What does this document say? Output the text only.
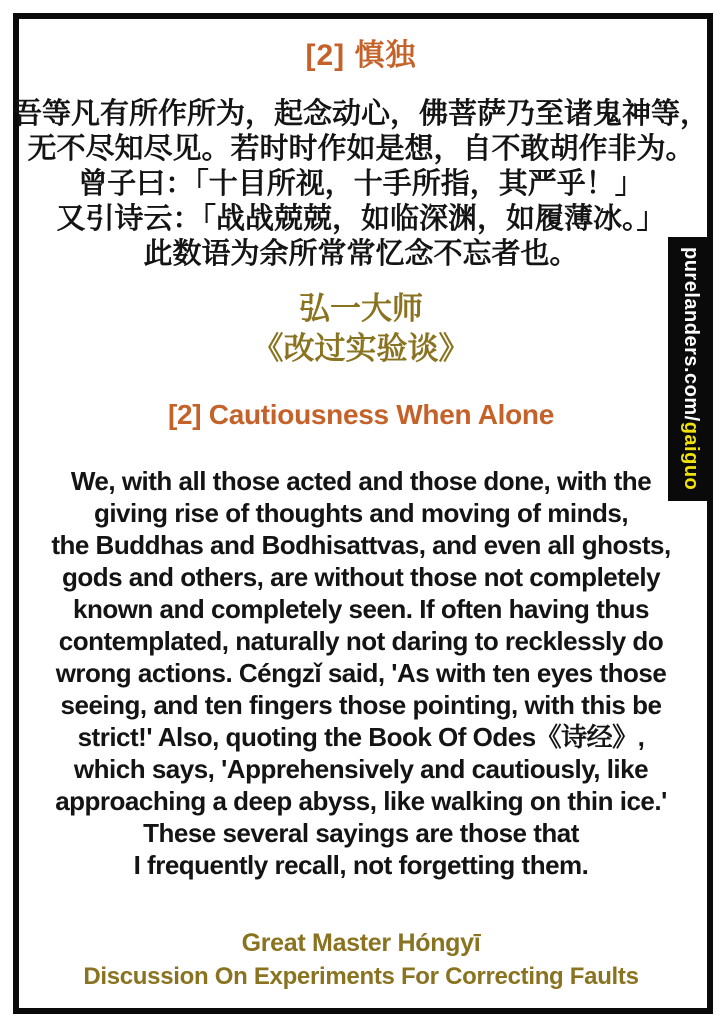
[2] 慎独
吾等凡有所作所为，起念动心，佛菩萨乃至诸鬼神等，
无不尽知尽见。若时时作如是想，自不敢胡作非为。
曾子曰：「十目所视，十手所指，其严乎！」
又引诗云：「战战兢兢，如临深渊，如履薄冰。」
此数语为余所常常忆念不忘者也。
弘一大师
《改过实验谈》
[2] Cautiousness When Alone
We, with all those acted and those done, with the
giving rise of thoughts and moving of minds,
the Buddhas and Bodhisattvas, and even all ghosts,
gods and others, are without those not completely
known and completely seen. If often having thus
contemplated, naturally not daring to recklessly do
wrong actions. Céngzǐ said, 'As with ten eyes those
seeing, and ten fingers those pointing, with this be
strict!' Also, quoting the Book Of Odes《诗经》,
which says, 'Apprehensively and cautiously, like
approaching a deep abyss, like walking on thin ice.'
These several sayings are those that
I frequently recall, not forgetting them.
Great Master Hóngyī
Discussion On Experiments For Correcting Faults
purelanders.com/gaiguo
